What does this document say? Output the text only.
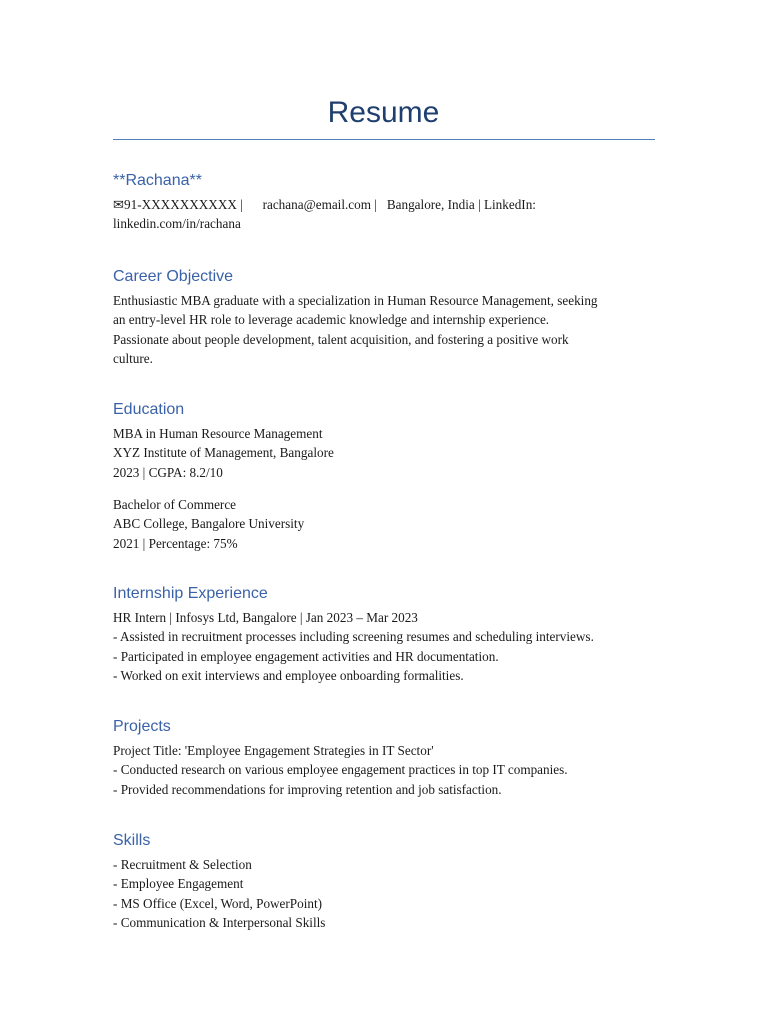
Resume
**Rachana**

✉91-XXXXXXXXXX |      rachana@email.com |   Bangalore, India | LinkedIn:

linkedin.com/in/rachana

Career Objective

Enthusiastic MBA graduate with a specialization in Human Resource Management, seeking

an entry-level HR role to leverage academic knowledge and internship experience.

Passionate about people development, talent acquisition, and fostering a positive work

culture.

Education

MBA in Human Resource Management

XYZ Institute of Management, Bangalore

2023 | CGPA: 8.2/10

Bachelor of Commerce

ABC College, Bangalore University

2021 | Percentage: 75%

Internship Experience

HR Intern | Infosys Ltd, Bangalore | Jan 2023 – Mar 2023

- Assisted in recruitment processes including screening resumes and scheduling interviews.

- Participated in employee engagement activities and HR documentation.

- Worked on exit interviews and employee onboarding formalities.

Projects

Project Title: 'Employee Engagement Strategies in IT Sector'

- Conducted research on various employee engagement practices in top IT companies.

- Provided recommendations for improving retention and job satisfaction.

Skills

- Recruitment & Selection

- Employee Engagement

- MS Office (Excel, Word, PowerPoint)

- Communication & Interpersonal Skills
